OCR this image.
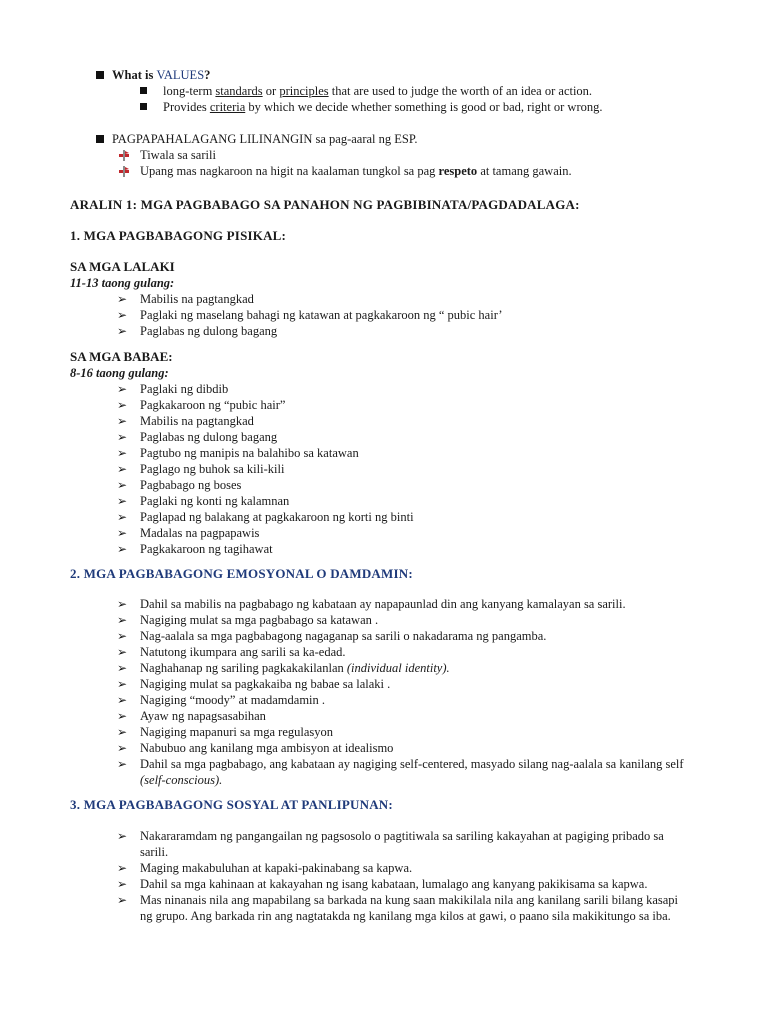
What is VALUES?
long-term standards or principles that are used to judge the worth of an idea or action.
Provides criteria by which we decide whether something is good or bad, right or wrong.
PAGPAPAHALAGANG LILINANGIN sa pag-aaral ng ESP.
Tiwala sa sarili
Upang mas nagkaroon na higit na kaalaman tungkol sa pag respeto at tamang gawain.
ARALIN 1: MGA PAGBABAGO SA PANAHON NG PAGBIBINATA/PAGDADALAGA:
1. MGA PAGBABAGONG PISIKAL:
SA MGA LALAKI
11-13 taong gulang:
➢ Mabilis na pagtangkad
➢ Paglaki ng maselang bahagi ng katawan at pagkakaroon ng “ pubic hair’
➢ Paglabas ng dulong bagang
SA MGA BABAE:
8-16 taong gulang:
➢ Paglaki ng dibdib
➢ Pagkakaroon ng “pubic hair”
➢ Mabilis na pagtangkad
➢ Paglabas ng dulong bagang
➢ Pagtubo ng manipis na balahibo sa katawan
➢ Paglago ng buhok sa kili-kili
➢ Pagbabago ng boses
➢ Paglaki ng konti ng kalamnan
➢ Paglapad ng balakang at pagkakaroon ng korti ng binti
➢ Madalas na pagpapawis
➢ Pagkakaroon ng tagihawat
2. MGA PAGBABAGONG EMOSYONAL O DAMDAMIN:
➢ Dahil sa mabilis na pagbabago ng kabataan ay napapaunlad din ang kanyang kamalayan sa sarili.
➢ Nagiging mulat sa mga pagbabago sa katawan .
➢ Nag-aalala sa mga pagbabagong nagaganap sa sarili o nakadarama ng pangamba.
➢ Natutong ikumpara ang sarili sa ka-edad.
➢ Naghahanap ng sariling pagkakakilanlan (individual identity).
➢ Nagiging mulat sa pagkakaiba ng babae sa lalaki .
➢ Nagiging “moody” at madamdamin .
➢ Ayaw ng napagsasabihan
➢ Nagiging mapanuri sa mga regulasyon
➢ Nabubuo ang kanilang mga ambisyon at idealismo
➢ Dahil sa mga pagbabago, ang kabataan ay nagiging self-centered, masyado silang nag-aalala sa kanilang self
(self-conscious).
3. MGA PAGBABAGONG SOSYAL AT PANLIPUNAN:
➢ Nakararamdam ng pangangailan ng pagsosolo o pagtitiwala sa sariling kakayahan at pagiging pribado sa
sarili.
➢ Maging makabuluhan at kapaki-pakinabang sa kapwa.
➢ Dahil sa mga kahinaan at kakayahan ng isang kabataan, lumalago ang kanyang pakikisama sa kapwa.
➢ Mas ninanais nila ang mapabilang sa barkada na kung saan makikilala nila ang kanilang sarili bilang kasapi
ng grupo. Ang barkada rin ang nagtatakda ng kanilang mga kilos at gawi, o paano sila makikitungo sa iba.
